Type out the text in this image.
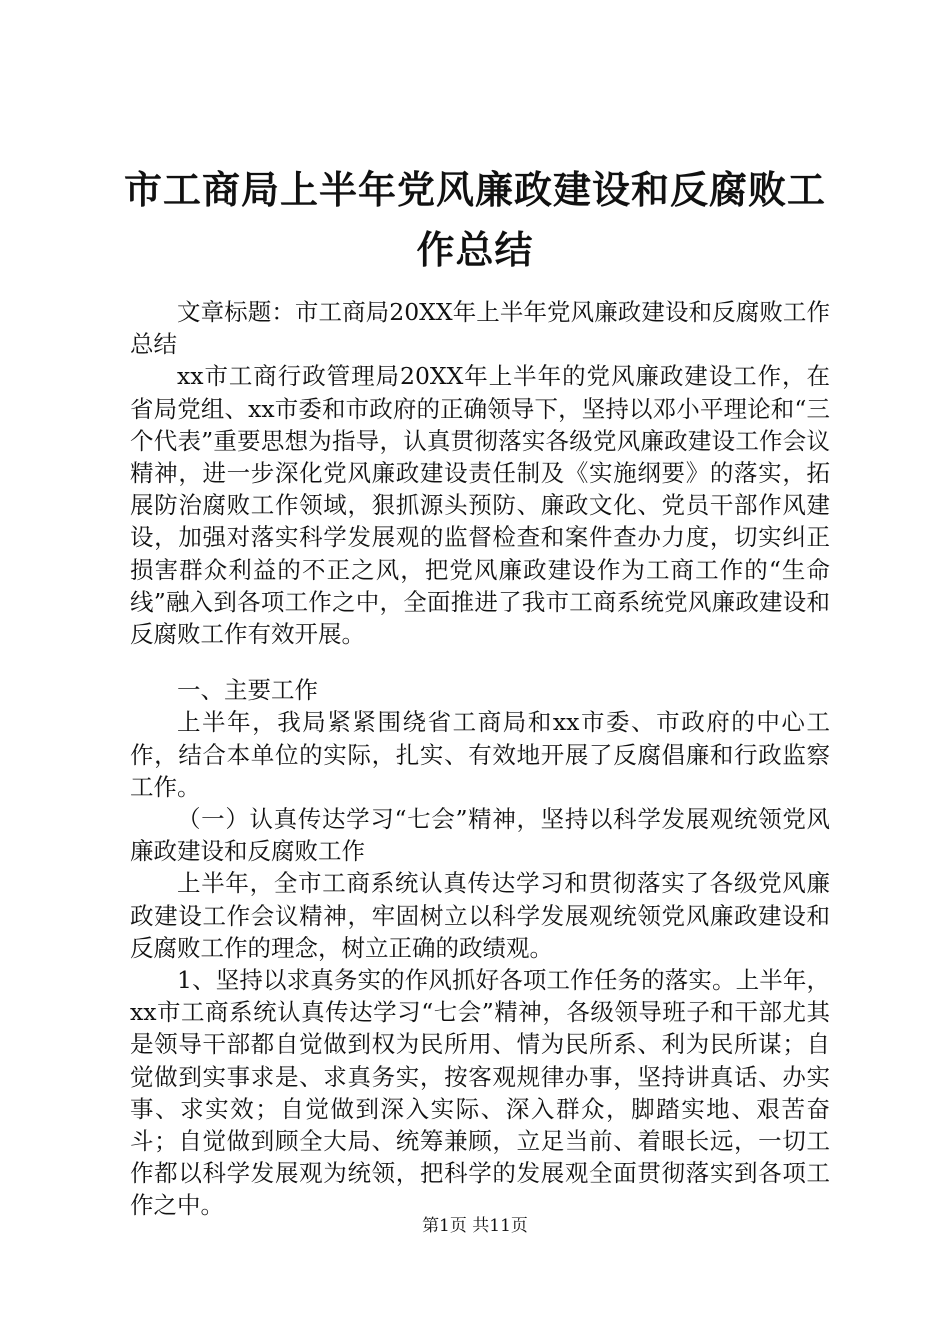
市工商局上半年党风廉政建设和反腐败工作总结

文章标题：市工商局20XX年上半年党风廉政建设和反腐败工作总结

xx市工商行政管理局20XX年上半年的党风廉政建设工作，在省局党组、xx市委和市政府的正确领导下，坚持以邓小平理论和“三个代表”重要思想为指导，认真贯彻落实各级党风廉政建设工作会议精神，进一步深化党风廉政建设责任制及《实施纲要》的落实，拓展防治腐败工作领域，狠抓源头预防、廉政文化、党员干部作风建设，加强对落实科学发展观的监督检查和案件查办力度，切实纠正损害群众利益的不正之风，把党风廉政建设作为工商工作的“生命线”融入到各项工作之中，全面推进了我市工商系统党风廉政建设和反腐败工作有效开展。

一、主要工作

上半年，我局紧紧围绕省工商局和xx市委、市政府的中心工作，结合本单位的实际，扎实、有效地开展了反腐倡廉和行政监察工作。

（一）认真传达学习“七会”精神，坚持以科学发展观统领党风廉政建设和反腐败工作

上半年，全市工商系统认真传达学习和贯彻落实了各级党风廉政建设工作会议精神，牢固树立以科学发展观统领党风廉政建设和反腐败工作的理念，树立正确的政绩观。

1、坚持以求真务实的作风抓好各项工作任务的落实。上半年，xx市工商系统认真传达学习“七会”精神，各级领导班子和干部尤其是领导干部都自觉做到权为民所用、情为民所系、利为民所谋；自觉做到实事求是、求真务实，按客观规律办事，坚持讲真话、办实事、求实效；自觉做到深入实际、深入群众，脚踏实地、艰苦奋斗；自觉做到顾全大局、统筹兼顾，立足当前、着眼长远，一切工作都以科学发展观为统领，把科学的发展观全面贯彻落实到各项工作之中。

第1页 共11页
